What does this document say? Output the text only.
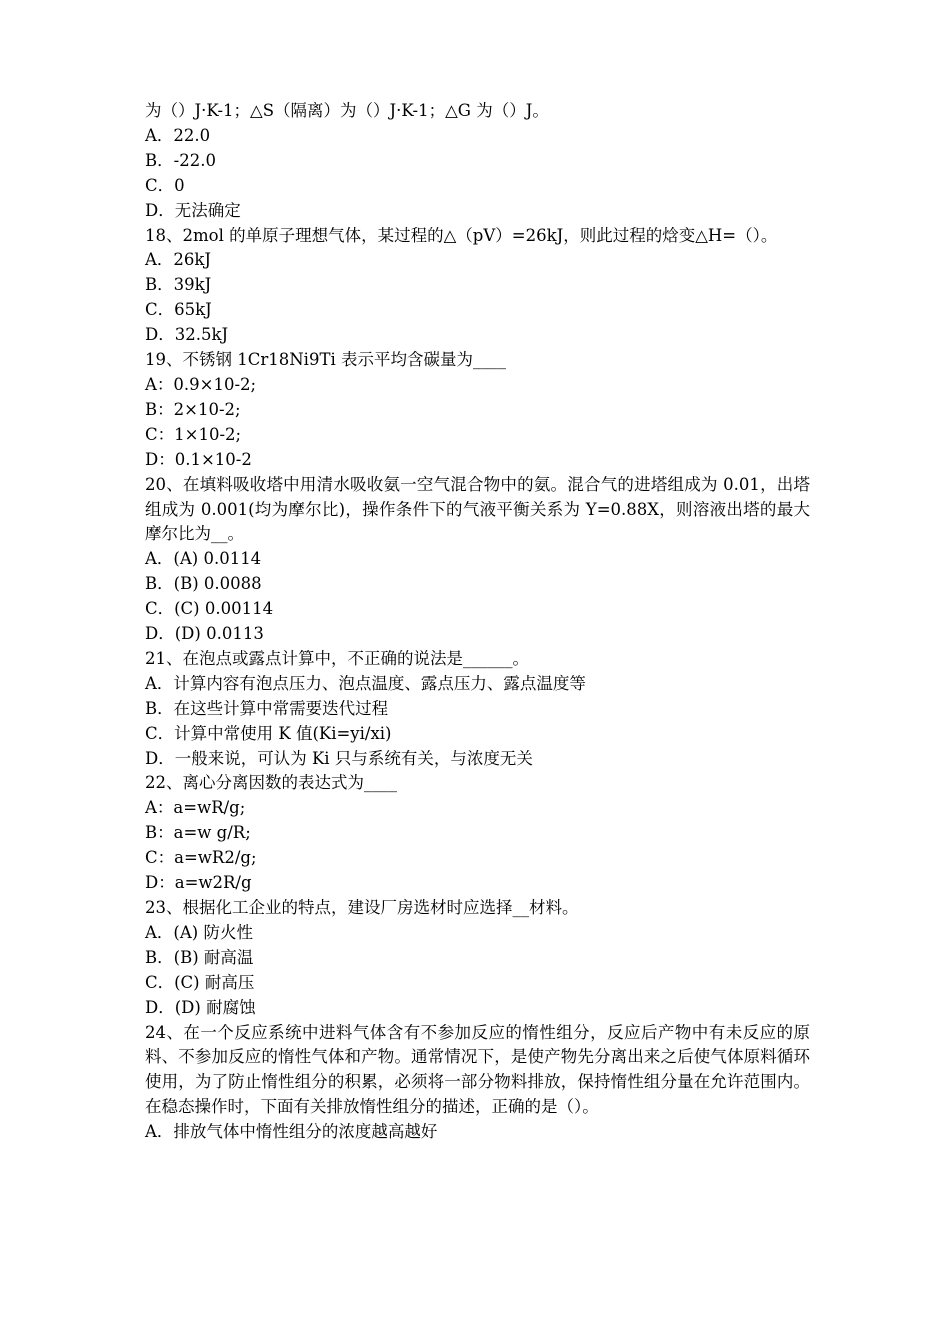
为（）J·K-1；△S（隔离）为（）J·K-1；△G 为（）J。
A．22.0
B．-22.0
C．0
D．无法确定
18、2mol 的单原子理想气体，某过程的△（pV）=26kJ，则此过程的焓变△H=（）。
A．26kJ
B．39kJ
C．65kJ
D．32.5kJ
19、不锈钢 1Cr18Ni9Ti 表示平均含碳量为____
A：0.9×10-2;
B：2×10-2;
C：1×10-2;
D：0.1×10-2
20、在填料吸收塔中用清水吸收氨一空气混合物中的氨。混合气的进塔组成为 0.01，出塔组成为 0.001(均为摩尔比)，操作条件下的气液平衡关系为 Y=0.88X，则溶液出塔的最大摩尔比为__。
A．(A) 0.0114
B．(B) 0.0088
C．(C) 0.00114
D．(D) 0.0113
21、在泡点或露点计算中，不正确的说法是______。
A．计算内容有泡点压力、泡点温度、露点压力、露点温度等
B．在这些计算中常需要迭代过程
C．计算中常使用 K 值(Ki=yi/xi)
D．一般来说，可认为 Ki 只与系统有关，与浓度无关
22、离心分离因数的表达式为____
A：a=wR/g;
B：a=w g/R;
C：a=wR2/g;
D：a=w2R/g
23、根据化工企业的特点，建设厂房选材时应选择__材料。
A．(A) 防火性
B．(B) 耐高温
C．(C) 耐高压
D．(D) 耐腐蚀
24、在一个反应系统中进料气体含有不参加反应的惰性组分，反应后产物中有未反应的原料、不参加反应的惰性气体和产物。通常情况下，是使产物先分离出来之后使气体原料循环使用，为了防止惰性组分的积累，必须将一部分物料排放，保持惰性组分量在允许范围内。在稳态操作时，下面有关排放惰性组分的描述，正确的是（）。
A．排放气体中惰性组分的浓度越高越好
